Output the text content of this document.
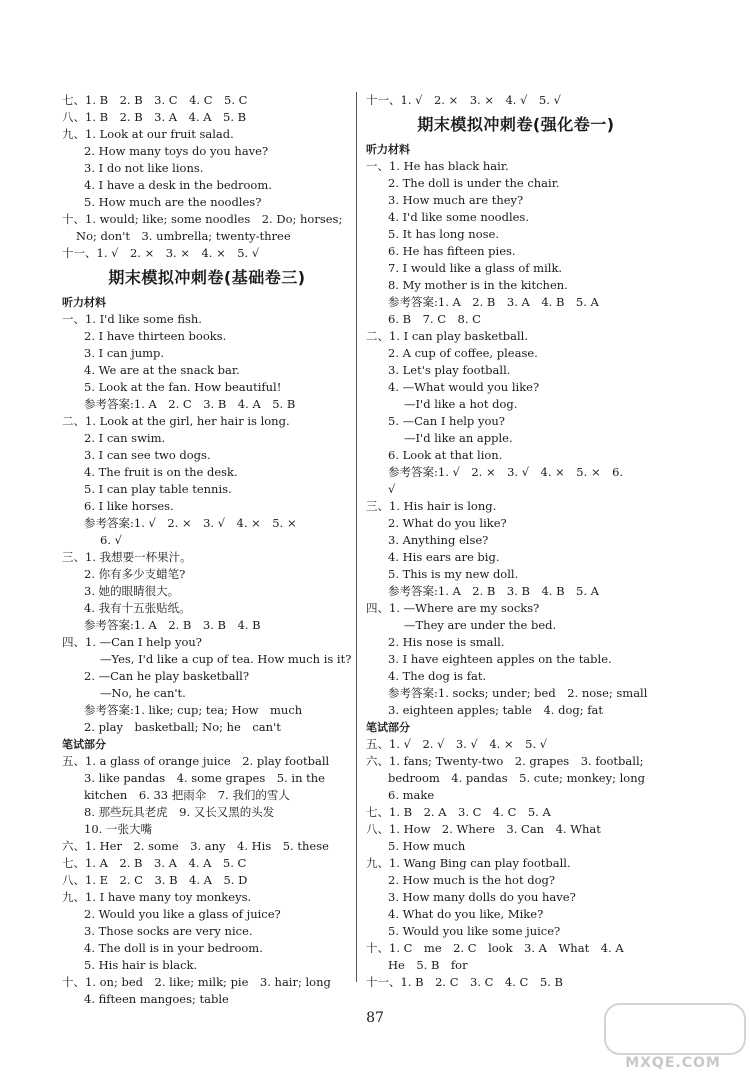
七、1. B　2. B　3. C　4. C　5. C
八、1. B　2. B　3. A　4. A　5. B
九、1. Look at our fruit salad.
2. How many toys do you have?
3. I do not like lions.
4. I have a desk in the bedroom.
5. How much are the noodles?
十、1. would; like; some noodles　2. Do; horses;
No; don't　3. umbrella; twenty-three
十一、1. √　2. ×　3. ×　4. ×　5. √
期末模拟冲刺卷(基础卷三)
听力材料
一、1. I'd like some fish.
2. I have thirteen books.
3. I can jump.
4. We are at the snack bar.
5. Look at the fan. How beautiful!
参考答案:1. A　2. C　3. B　4. A　5. B
二、1. Look at the girl, her hair is long.
2. I can swim.
3. I can see two dogs.
4. The fruit is on the desk.
5. I can play table tennis.
6. I like horses.
参考答案:1. √　2. ×　3. √　4. ×　5. ×
6. √
三、1. 我想要一杯果汁。
2. 你有多少支蜡笔?
3. 她的眼睛很大。
4. 我有十五张贴纸。
参考答案:1. A　2. B　3. B　4. B
四、1. —Can I help you?
—Yes, I'd like a cup of tea. How much is it?
2. —Can he play basketball?
—No, he can't.
参考答案:1. like; cup; tea; How　much
2. play　basketball; No; he　can't
笔试部分
五、1. a glass of orange juice　2. play football
3. like pandas　4. some grapes　5. in the
kitchen　6. 33 把雨伞　7. 我们的雪人
8. 那些玩具老虎　9. 又长又黑的头发
10. 一张大嘴
六、1. Her　2. some　3. any　4. His　5. these
七、1. A　2. B　3. A　4. A　5. C
八、1. E　2. C　3. B　4. A　5. D
九、1. I have many toy monkeys.
2. Would you like a glass of juice?
3. Those socks are very nice.
4. The doll is in your bedroom.
5. His hair is black.
十、1. on; bed　2. like; milk; pie　3. hair; long
4. fifteen mangoes; table
十一、1. √　2. ×　3. ×　4. √　5. √
期末模拟冲刺卷(强化卷一)
听力材料
一、1. He has black hair.
2. The doll is under the chair.
3. How much are they?
4. I'd like some noodles.
5. It has long nose.
6. He has fifteen pies.
7. I would like a glass of milk.
8. My mother is in the kitchen.
参考答案:1. A　2. B　3. A　4. B　5. A
6. B　7. C　8. C
二、1. I can play basketball.
2. A cup of coffee, please.
3. Let's play football.
4. —What would you like?
—I'd like a hot dog.
5. —Can I help you?
—I'd like an apple.
6. Look at that lion.
参考答案:1. √　2. ×　3. √　4. ×　5. ×　6.
√
三、1. His hair is long.
2. What do you like?
3. Anything else?
4. His ears are big.
5. This is my new doll.
参考答案:1. A　2. B　3. B　4. B　5. A
四、1. —Where are my socks?
—They are under the bed.
2. His nose is small.
3. I have eighteen apples on the table.
4. The dog is fat.
参考答案:1. socks; under; bed　2. nose; small
3. eighteen apples; table　4. dog; fat
笔试部分
五、1. √　2. √　3. √　4. ×　5. √
六、1. fans; Twenty-two　2. grapes　3. football;
bedroom　4. pandas　5. cute; monkey; long
6. make
七、1. B　2. A　3. C　4. C　5. A
八、1. How　2. Where　3. Can　4. What
5. How much
九、1. Wang Bing can play football.
2. How much is the hot dog?
3. How many dolls do you have?
4. What do you like, Mike?
5. Would you like some juice?
十、1. C　me　2. C　look　3. A　What　4. A
He　5. B　for
十一、1. B　2. C　3. C　4. C　5. B
87
MXQE.COM
